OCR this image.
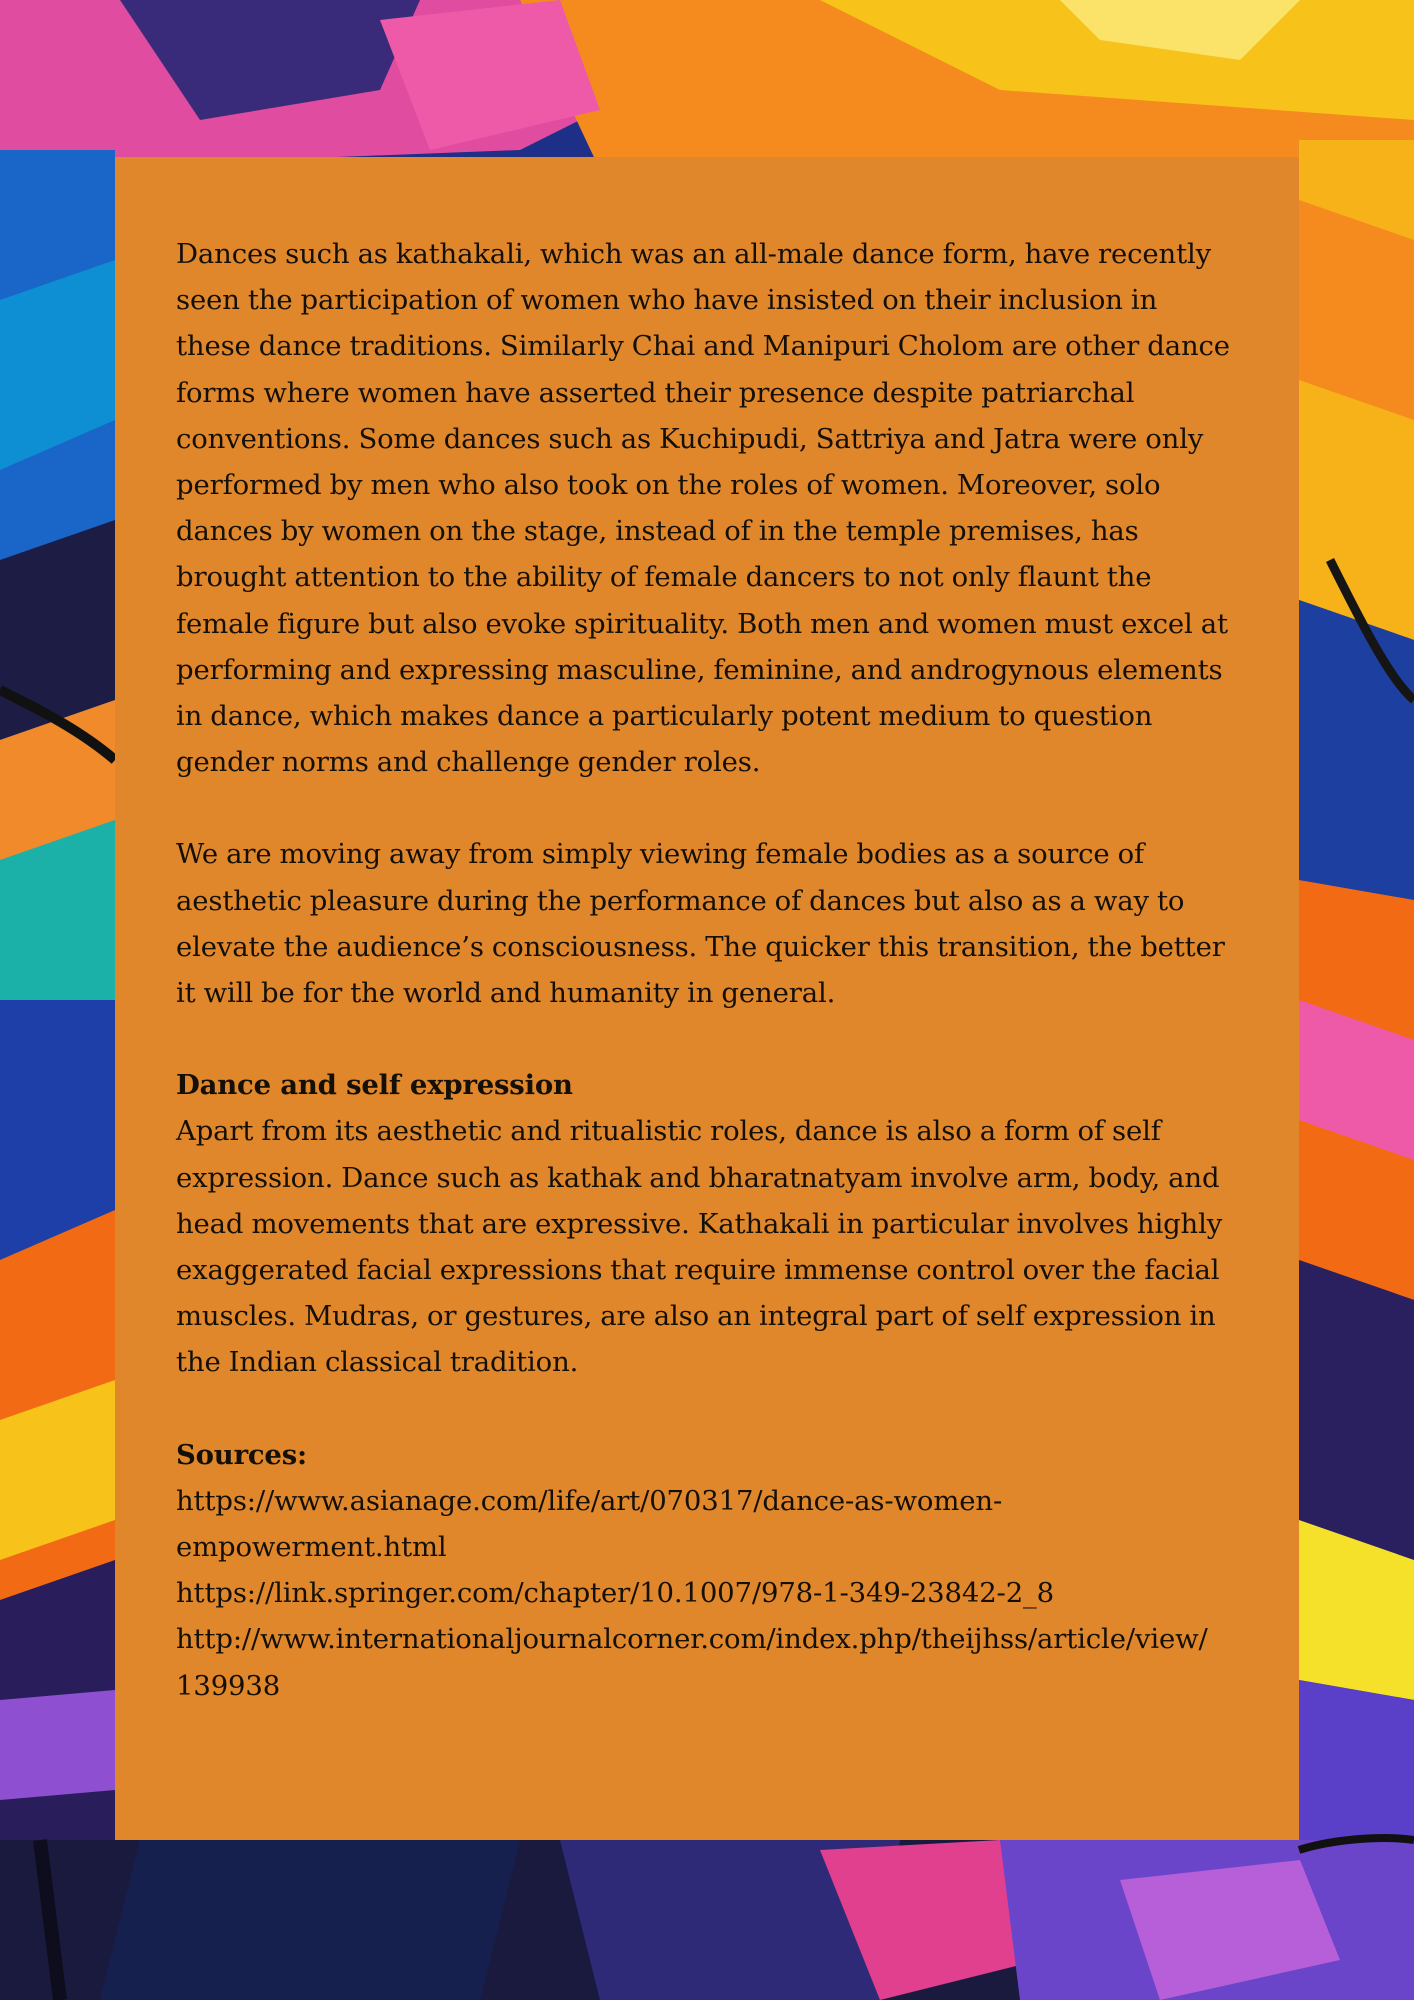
Dances such as kathakali, which was an all-male dance form, have recently seen the participation of women who have insisted on their inclusion in these dance traditions. Similarly Chai and Manipuri Cholom are other dance forms where women have asserted their presence despite patriarchal conventions. Some dances such as Kuchipudi, Sattriya and Jatra were only performed by men who also took on the roles of women. Moreover, solo dances by women on the stage, instead of in the temple premises, has brought attention to the ability of female dancers to not only flaunt the female figure but also evoke spirituality. Both men and women must excel at performing and expressing masculine, feminine, and androgynous elements in dance, which makes dance a particularly potent medium to question gender norms and challenge gender roles.

We are moving away from simply viewing female bodies as a source of aesthetic pleasure during the performance of dances but also as a way to elevate the audience’s consciousness. The quicker this transition, the better it will be for the world and humanity in general.

Dance and self expression

Apart from its aesthetic and ritualistic roles, dance is also a form of self expression. Dance such as kathak and bharatnatyam involve arm, body, and head movements that are expressive. Kathakali in particular involves highly exaggerated facial expressions that require immense control over the facial muscles. Mudras, or gestures, are also an integral part of self expression in the Indian classical tradition.

Sources:

https://www.asianage.com/life/art/070317/dance-as-women-

empowerment.html

https://link.springer.com/chapter/10.1007/978-1-349-23842-2_8

http://www.internationaljournalcorner.com/index.php/theijhss/article/view/

139938
